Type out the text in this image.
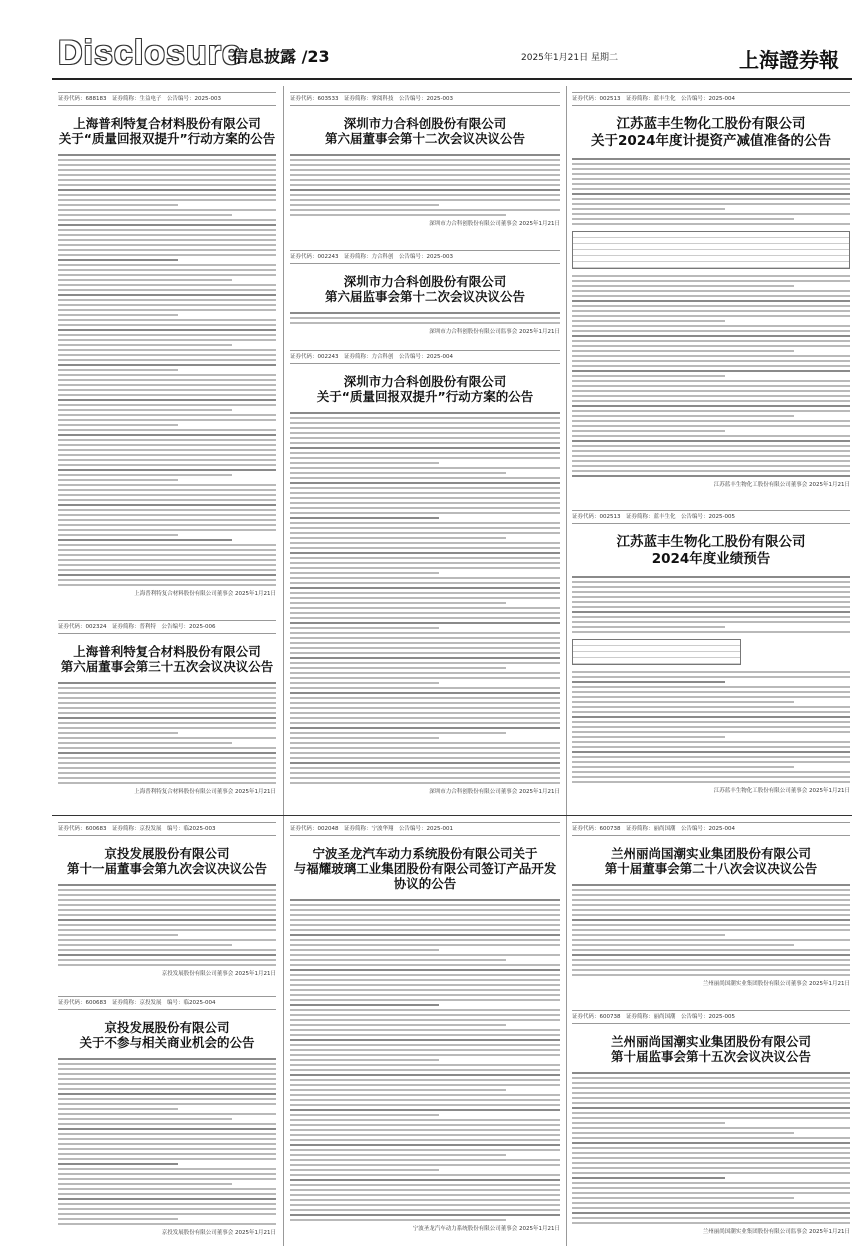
Disclosure
信息披露 /23	2025年1月21日 星期二	上海證券報
证券代码：688183　证券简称：生益电子　公告编号：2025-003
上海普利特复合材料股份有限公司
关于“质量回报双提升”行动方案的公告
上海普利特复合材料股份有限公司董事会 2025年1月21日
证券代码：002324　证券简称：普利特　公告编号：2025-006
上海普利特复合材料股份有限公司
第六届董事会第三十五次会议决议公告
上海普利特复合材料股份有限公司董事会 2025年1月21日
证券代码：603533　证券简称：掌阅科技　公告编号：2025-003
深圳市力合科创股份有限公司
第六届董事会第十二次会议决议公告
深圳市力合科创股份有限公司董事会 2025年1月21日
证券代码：002243　证券简称：力合科创　公告编号：2025-003
深圳市力合科创股份有限公司
第六届监事会第十二次会议决议公告
深圳市力合科创股份有限公司监事会 2025年1月21日
证券代码：002243　证券简称：力合科创　公告编号：2025-004
深圳市力合科创股份有限公司
关于“质量回报双提升”行动方案的公告
深圳市力合科创股份有限公司董事会 2025年1月21日
证券代码：002513　证券简称：蓝丰生化　公告编号：2025-004
江苏蓝丰生物化工股份有限公司
关于2024年度计提资产减值准备的公告
江苏蓝丰生物化工股份有限公司董事会 2025年1月21日
证券代码：002513　证券简称：蓝丰生化　公告编号：2025-005
江苏蓝丰生物化工股份有限公司
2024年度业绩预告
江苏蓝丰生物化工股份有限公司董事会 2025年1月21日
证券代码：600683　证券简称：京投发展　编号：临2025-003
京投发展股份有限公司
第十一届董事会第九次会议决议公告
京投发展股份有限公司董事会 2025年1月21日
证券代码：600683　证券简称：京投发展　编号：临2025-004
京投发展股份有限公司
关于不参与相关商业机会的公告
京投发展股份有限公司董事会 2025年1月21日
证券代码：002048　证券简称：宁波华翔　公告编号：2025-001
宁波圣龙汽车动力系统股份有限公司关于
与福耀玻璃工业集团股份有限公司签订产品开发协议的公告
宁波圣龙汽车动力系统股份有限公司董事会 2025年1月21日
证券代码：600738　证券简称：丽尚国潮　公告编号：2025-004
兰州丽尚国潮实业集团股份有限公司
第十届董事会第二十八次会议决议公告
兰州丽尚国潮实业集团股份有限公司董事会 2025年1月21日
证券代码：600738　证券简称：丽尚国潮　公告编号：2025-005
兰州丽尚国潮实业集团股份有限公司
第十届监事会第十五次会议决议公告
兰州丽尚国潮实业集团股份有限公司监事会 2025年1月21日
